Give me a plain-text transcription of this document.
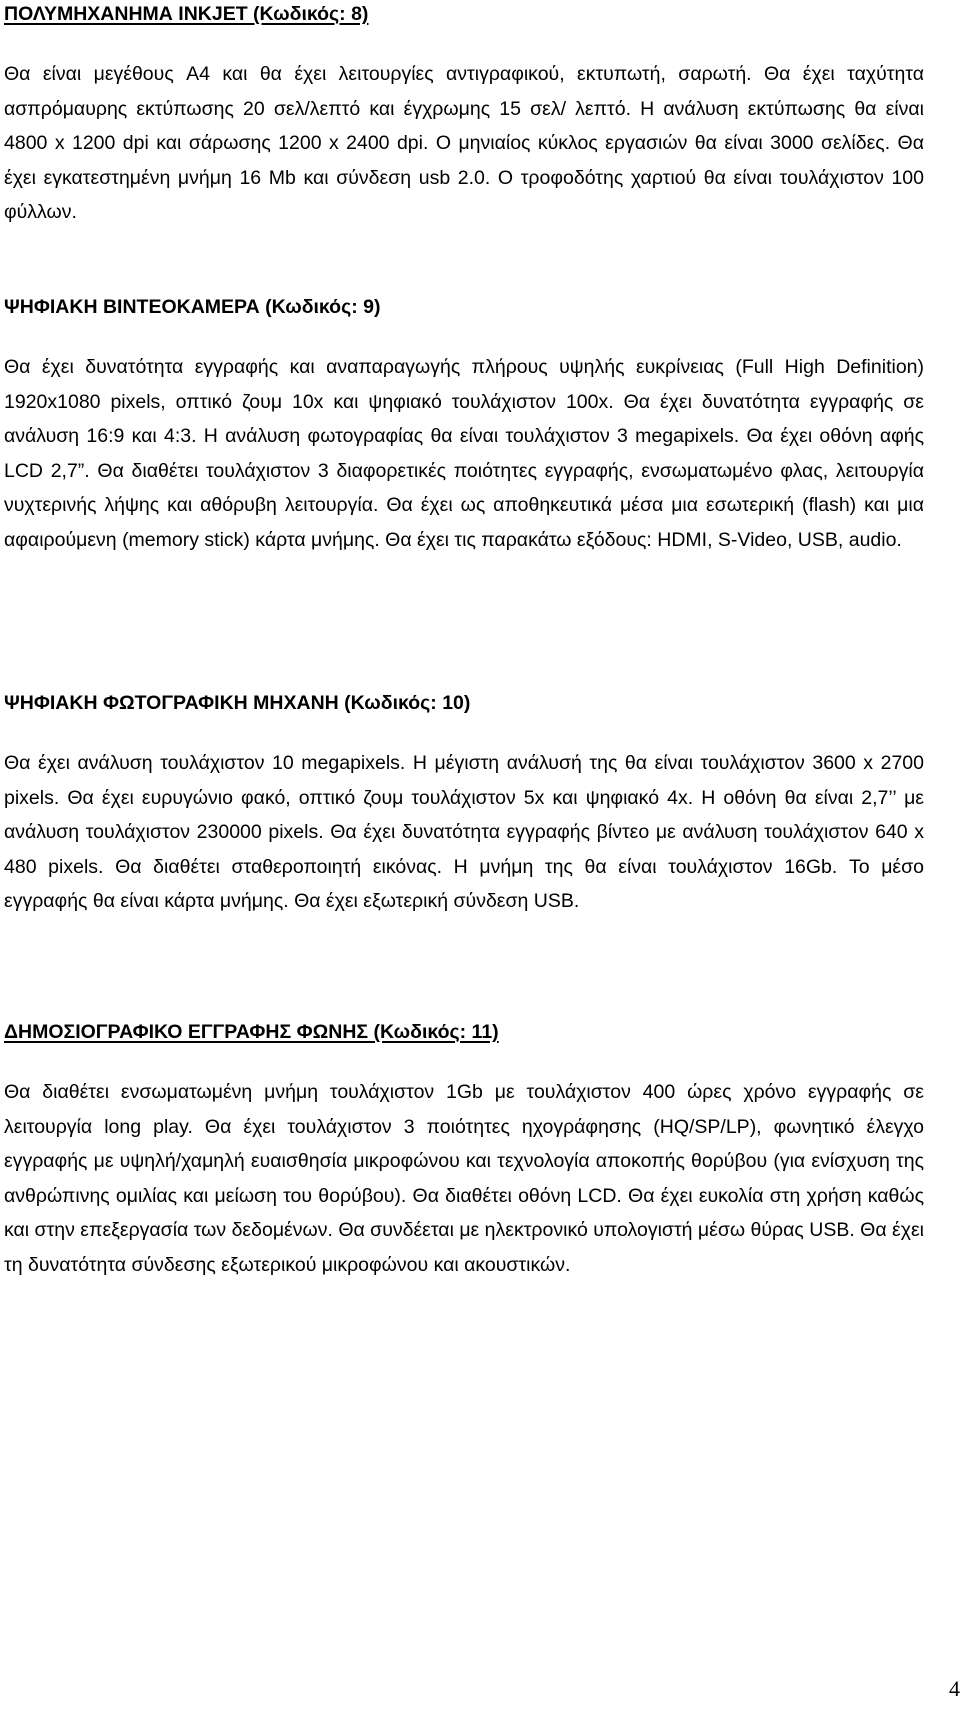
ΠΟΛΥΜΗΧΑΝΗΜΑ INKJET (Κωδικός: 8)

Θα είναι μεγέθους A4 και θα έχει λειτουργίες αντιγραφικού, εκτυπωτή, σαρωτή. Θα έχει ταχύτητα ασπρόμαυρης εκτύπωσης 20 σελ/λεπτό και έγχρωμης 15 σελ/ λεπτό. Η ανάλυση εκτύπωσης θα είναι 4800 x 1200 dpi και σάρωσης 1200 x 2400 dpi. Ο μηνιαίος κύκλος εργασιών θα είναι 3000 σελίδες. Θα έχει εγκατεστημένη μνήμη 16 Mb και σύνδεση usb 2.0. Ο τροφοδότης χαρτιού θα είναι τουλάχιστον 100 φύλλων.

ΨΗΦΙΑΚΗ ΒΙΝΤΕΟΚΑΜΕΡΑ (Κωδικός: 9)

Θα έχει δυνατότητα εγγραφής και αναπαραγωγής πλήρους υψηλής ευκρίνειας (Full High Definition) 1920x1080 pixels, οπτικό ζουμ 10x και ψηφιακό τουλάχιστον 100x. Θα έχει δυνατότητα εγγραφής σε ανάλυση 16:9 και 4:3. Η ανάλυση φωτογραφίας θα είναι τουλάχιστον 3 megapixels. Θα έχει οθόνη αφής LCD 2,7”. Θα διαθέτει τουλάχιστον 3 διαφορετικές ποιότητες εγγραφής, ενσωματωμένο φλας, λειτουργία νυχτερινής λήψης και αθόρυβη λειτουργία. Θα έχει ως αποθηκευτικά μέσα μια εσωτερική (flash) και μια αφαιρούμενη (memory stick) κάρτα μνήμης. Θα έχει τις παρακάτω εξόδους: HDMI, S-Video, USB, audio.

ΨΗΦΙΑΚΗ ΦΩΤΟΓΡΑΦΙΚΗ ΜΗΧΑΝΗ (Κωδικός: 10)

Θα έχει ανάλυση τουλάχιστον 10 megapixels. Η μέγιστη ανάλυσή της θα είναι τουλάχιστον 3600 x 2700 pixels. Θα έχει ευρυγώνιο φακό, οπτικό ζουμ τουλάχιστον 5x και ψηφιακό 4x. Η οθόνη θα είναι 2,7’’ με ανάλυση τουλάχιστον 230000 pixels. Θα έχει δυνατότητα εγγραφής βίντεο με ανάλυση τουλάχιστον 640 x 480 pixels. Θα διαθέτει σταθεροποιητή εικόνας. Η μνήμη της θα είναι τουλάχιστον 16Gb. Το μέσο εγγραφής θα είναι κάρτα μνήμης. Θα έχει εξωτερική σύνδεση USB.

ΔΗΜΟΣΙΟΓΡΑΦΙΚΟ ΕΓΓΡΑΦΗΣ ΦΩΝΗΣ (Κωδικός: 11)

Θα διαθέτει ενσωματωμένη μνήμη τουλάχιστον 1Gb με τουλάχιστον 400 ώρες χρόνο εγγραφής σε λειτουργία long play. Θα έχει τουλάχιστον 3 ποιότητες ηχογράφησης (HQ/SP/LP), φωνητικό έλεγχο εγγραφής με υψηλή/χαμηλή ευαισθησία μικροφώνου και τεχνολογία αποκοπής θορύβου (για ενίσχυση της ανθρώπινης ομιλίας και μείωση του θορύβου). Θα διαθέτει οθόνη LCD. Θα έχει ευκολία στη χρήση καθώς και στην επεξεργασία των δεδομένων. Θα συνδέεται με ηλεκτρονικό υπολογιστή μέσω θύρας USB. Θα έχει τη δυνατότητα σύνδεσης εξωτερικού μικροφώνου και ακουστικών.

4
